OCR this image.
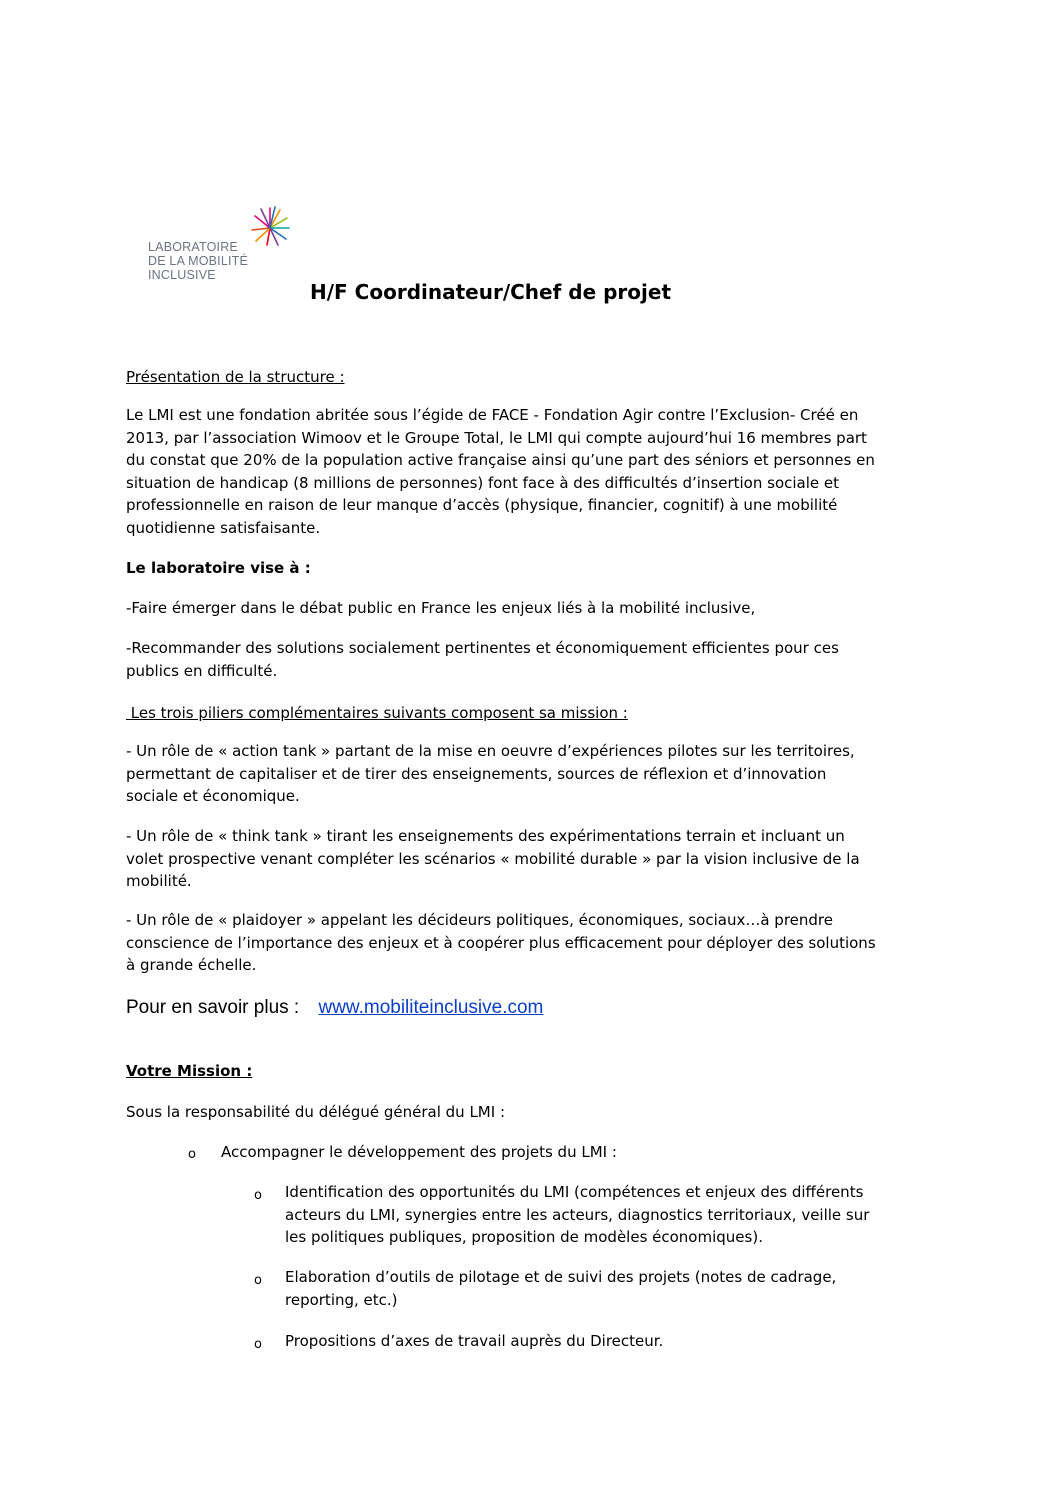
LABORATOIRE
DE LA MOBILITÉ
INCLUSIVE
H/F Coordinateur/Chef de projet
Présentation de la structure :
Le LMI est une fondation abritée sous l’égide de FACE - Fondation Agir contre l’Exclusion- Créé en
2013, par l’association Wimoov et le Groupe Total, le LMI qui compte aujourd’hui 16 membres part
du constat que 20% de la population active française ainsi qu’une part des séniors et personnes en
situation de handicap (8 millions de personnes) font face à des difficultés d’insertion sociale et
professionnelle en raison de leur manque d’accès (physique, financier, cognitif) à une mobilité
quotidienne satisfaisante.
Le laboratoire vise à :
-Faire émerger dans le débat public en France les enjeux liés à la mobilité inclusive,
-Recommander des solutions socialement pertinentes et économiquement efficientes pour ces
publics en difficulté.
Les trois piliers complémentaires suivants composent sa mission :
- Un rôle de « action tank » partant de la mise en oeuvre d’expériences pilotes sur les territoires,
permettant de capitaliser et de tirer des enseignements, sources de réflexion et d’innovation
sociale et économique.
- Un rôle de « think tank » tirant les enseignements des expérimentations terrain et incluant un
volet prospective venant compléter les scénarios « mobilité durable » par la vision inclusive de la
mobilité.
- Un rôle de « plaidoyer » appelant les décideurs politiques, économiques, sociaux…à prendre
conscience de l’importance des enjeux et à coopérer plus efficacement pour déployer des solutions
à grande échelle.
Pour en savoir plus : www.mobiliteinclusive.com
Votre Mission :
Sous la responsabilité du délégué général du LMI :
o Accompagner le développement des projets du LMI :
o Identification des opportunités du LMI (compétences et enjeux des différents
acteurs du LMI, synergies entre les acteurs, diagnostics territoriaux, veille sur
les politiques publiques, proposition de modèles économiques).
o Elaboration d’outils de pilotage et de suivi des projets (notes de cadrage,
reporting, etc.)
o Propositions d’axes de travail auprès du Directeur.
